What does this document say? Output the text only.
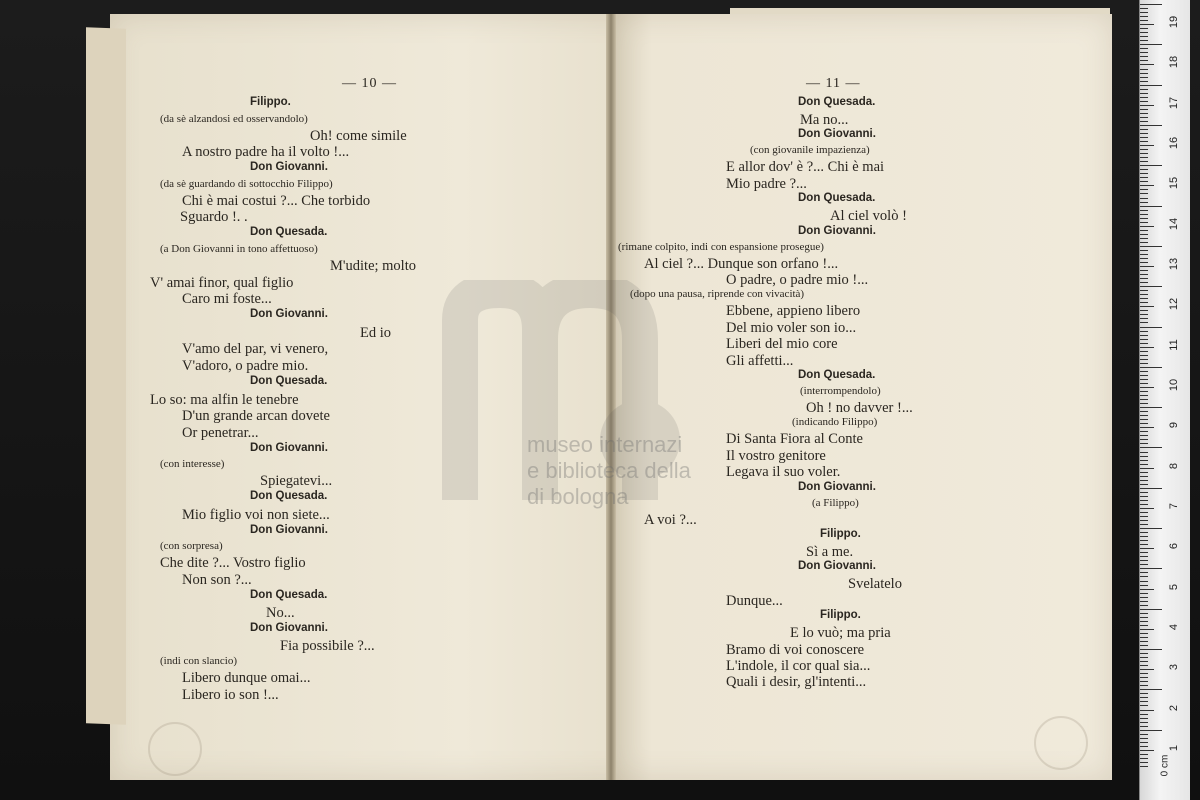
museo internazi
e biblioteca della
di bologna
— 10 —
Filippo.
(da sè alzandosi ed osservandolo)
Oh! come simile
A nostro padre ha il volto !...
Don Giovanni.
(da sè guardando di sottocchio Filippo)
Chi è mai costui ?... Che torbido
Sguardo !. .
Don Quesada.
(a Don Giovanni in tono affettuoso)
M'udite; molto
V' amai finor, qual figlio
Caro mi foste...
Don Giovanni.
Ed io
V'amo del par, vi venero,
V'adoro, o padre mio.
Don Quesada.
Lo so: ma alfin le tenebre
D'un grande arcan dovete
Or penetrar...
Don Giovanni.
(con interesse)
Spiegatevi...
Don Quesada.
Mio figlio voi non siete...
Don Giovanni.
(con sorpresa)
Che dite ?... Vostro figlio
Non son ?...
Don Quesada.
No...
Don Giovanni.
Fia possibile ?...
(indi con slancio)
Libero dunque omai...
Libero io son !...
— 11 —
Don Quesada.
Ma no...
Don Giovanni.
(con giovanile impazienza)
E allor dov' è ?... Chi è mai
Mio padre ?...
Don Quesada.
Al ciel volò !
Don Giovanni.
(rimane colpito, indi con espansione prosegue)
Al ciel ?... Dunque son orfano !...
O padre, o padre mio !...
(dopo una pausa, riprende con vivacità)
Ebbene, appieno libero
Del mio voler son io...
Liberi del mio core
Gli affetti...
Don Quesada.
(interrompendolo)
Oh ! no davver !...
(indicando Filippo)
Di Santa Fiora al Conte
Il vostro genitore
Legava il suo voler.
Don Giovanni.
(a Filippo)
A voi ?...
Filippo.
Sì a me.
Don Giovanni.
Svelatelo
Dunque...
Filippo.
E lo vuò; ma pria
Bramo di voi conoscere
L'indole, il cor qual sia...
Quali i desir, gl'intenti...
0 cm
19
18
17
16
15
14
13
12
11
10
9
8
7
6
5
4
3
2
1
